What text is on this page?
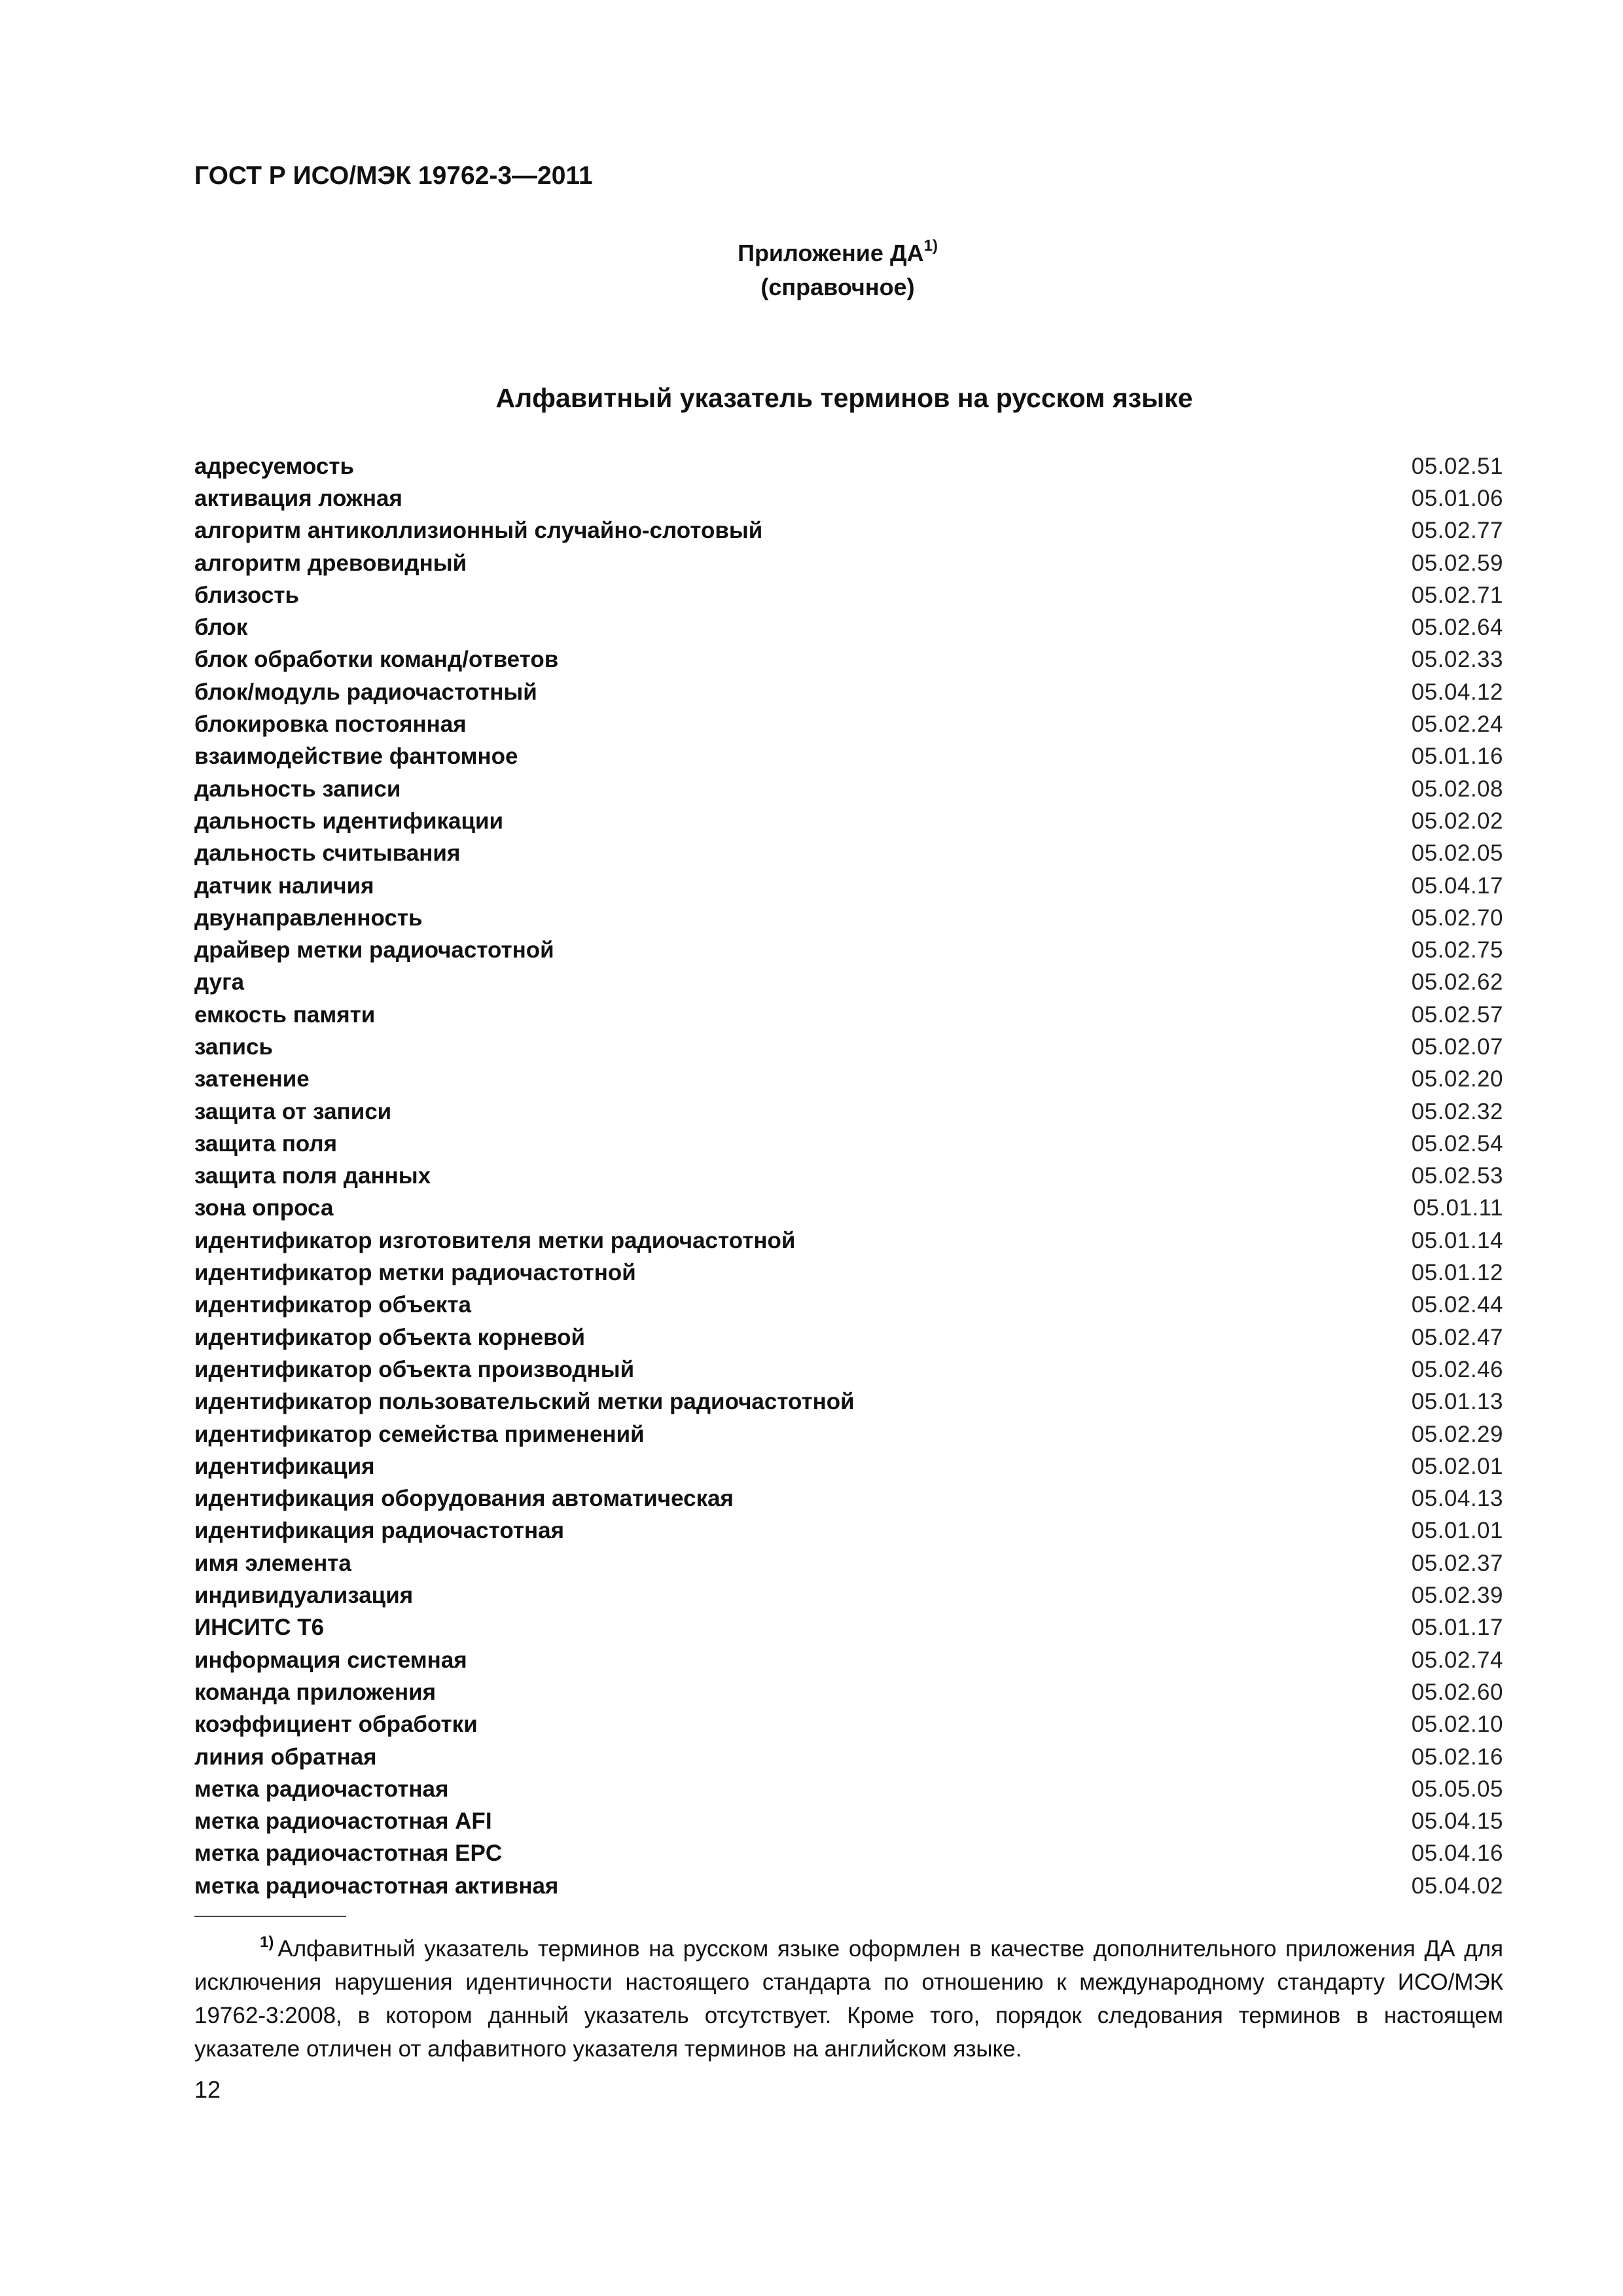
ГОСТ Р ИСО/МЭК 19762-3—2011
Приложение ДА$^{1)}$
(справочное)
Алфавитный указатель терминов на русском языке
адресуемость	05.02.51
активация ложная	05.01.06
алгоритм антиколлизионный случайно-слотовый	05.02.77
алгоритм древовидный	05.02.59
близость	05.02.71
блок	05.02.64
блок обработки команд/ответов	05.02.33
блок/модуль радиочастотный	05.04.12
блокировка постоянная	05.02.24
взаимодействие фантомное	05.01.16
дальность записи	05.02.08
дальность идентификации	05.02.02
дальность считывания	05.02.05
датчик наличия	05.04.17
двунаправленность	05.02.70
драйвер метки радиочастотной	05.02.75
дуга	05.02.62
емкость памяти	05.02.57
запись	05.02.07
затенение	05.02.20
защита от записи	05.02.32
защита поля	05.02.54
защита поля данных	05.02.53
зона опроса	05.01.11
идентификатор изготовителя метки радиочастотной	05.01.14
идентификатор метки радиочастотной	05.01.12
идентификатор объекта	05.02.44
идентификатор объекта корневой	05.02.47
идентификатор объекта производный	05.02.46
идентификатор пользовательский метки радиочастотной	05.01.13
идентификатор семейства применений	05.02.29
идентификация	05.02.01
идентификация оборудования автоматическая	05.04.13
идентификация радиочастотная	05.01.01
имя элемента	05.02.37
индивидуализация	05.02.39
ИНСИТС Т6	05.01.17
информация системная	05.02.74
команда приложения	05.02.60
коэффициент обработки	05.02.10
линия обратная	05.02.16
метка радиочастотная	05.05.05
метка радиочастотная AFI	05.04.15
метка радиочастотная EPC	05.04.16
метка радиочастотная активная	05.04.02
$^{1)}$ Алфавитный указатель терминов на русском языке оформлен в качестве дополнительного приложения ДА для исключения нарушения идентичности настоящего стандарта по отношению к международному стандарту ИСО/МЭК 19762-3:2008, в котором данный указатель отсутствует. Кроме того, порядок следования терминов в настоящем указателе отличен от алфавитного указателя терминов на английском языке.
12
